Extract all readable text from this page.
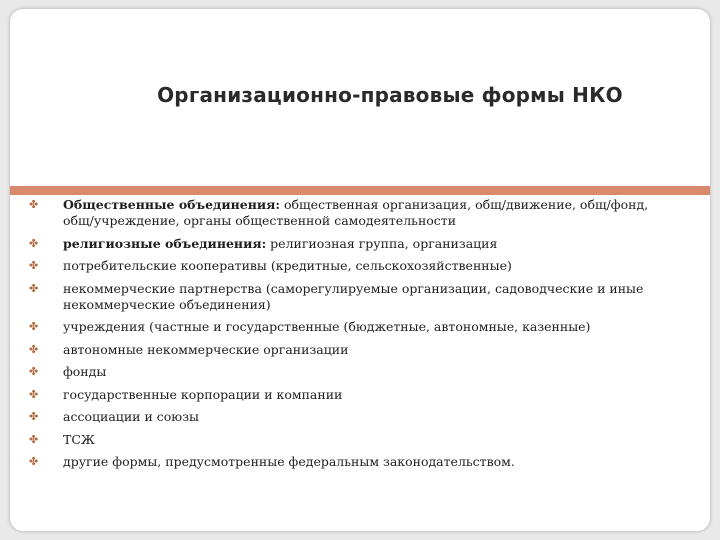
Организационно-правовые формы НКО
✤ Общественные объединения: общественная организация, общ/движение, общ/фонд, общ/учреждение, органы общественной самодеятельности
✤ религиозные объединения: религиозная группа, организация
✤ потребительские кооперативы (кредитные, сельскохозяйственные)
✤ некоммерческие партнерства (саморегулируемые организации, садоводческие и иные некоммерческие объединения)
✤ учреждения (частные и государственные (бюджетные, автономные, казенные)
✤ автономные некоммерческие организации
✤ фонды
✤ государственные корпорации и компании
✤ ассоциации и союзы
✤ ТСЖ
✤ другие формы, предусмотренные федеральным законодательством.
